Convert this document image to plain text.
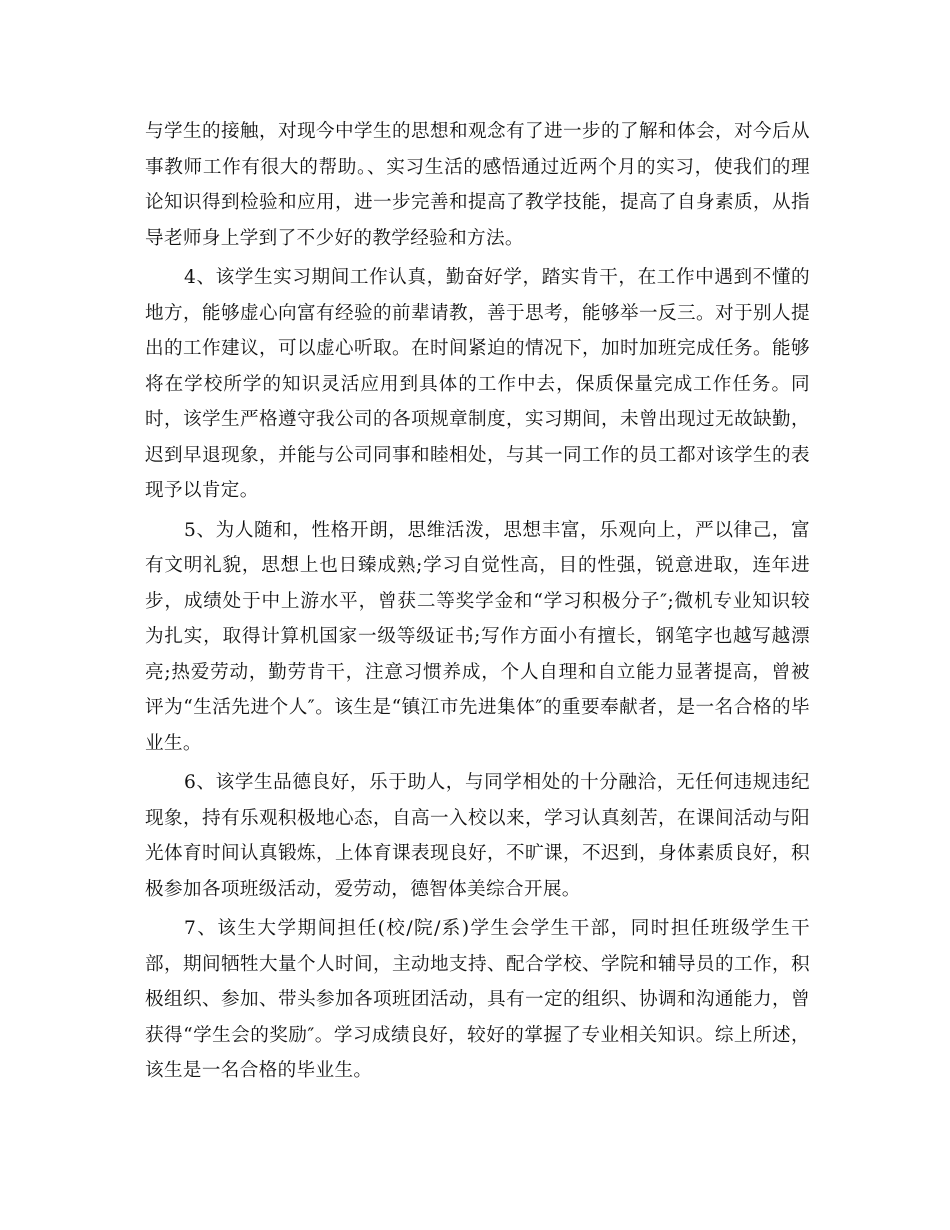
与学生的接触，对现今中学生的思想和观念有了进一步的了解和体会，对今后从事教师工作有很大的帮助。、实习生活的感悟通过近两个月的实习，使我们的理论知识得到检验和应用，进一步完善和提高了教学技能，提高了自身素质，从指导老师身上学到了不少好的教学经验和方法。

4、该学生实习期间工作认真，勤奋好学，踏实肯干，在工作中遇到不懂的地方，能够虚心向富有经验的前辈请教，善于思考，能够举一反三。对于别人提出的工作建议，可以虚心听取。在时间紧迫的情况下，加时加班完成任务。能够将在学校所学的知识灵活应用到具体的工作中去，保质保量完成工作任务。同时，该学生严格遵守我公司的各项规章制度，实习期间，未曾出现过无故缺勤，迟到早退现象，并能与公司同事和睦相处，与其一同工作的员工都对该学生的表现予以肯定。

5、为人随和，性格开朗，思维活泼，思想丰富，乐观向上，严以律己，富有文明礼貌，思想上也日臻成熟;学习自觉性高，目的性强，锐意进取，连年进步，成绩处于中上游水平，曾获二等奖学金和“学习积极分子″;微机专业知识较为扎实，取得计算机国家一级等级证书;写作方面小有擅长，钢笔字也越写越漂亮;热爱劳动，勤劳肯干，注意习惯养成，个人自理和自立能力显著提高，曾被评为“生活先进个人″。该生是“镇江市先进集体″的重要奉献者，是一名合格的毕业生。

6、该学生品德良好，乐于助人，与同学相处的十分融洽，无任何违规违纪现象，持有乐观积极地心态，自高一入校以来，学习认真刻苦，在课间活动与阳光体育时间认真锻炼，上体育课表现良好，不旷课，不迟到，身体素质良好，积极参加各项班级活动，爱劳动，德智体美综合开展。

7、该生大学期间担任(校/院/系)学生会学生干部，同时担任班级学生干部，期间牺牲大量个人时间，主动地支持、配合学校、学院和辅导员的工作，积极组织、参加、带头参加各项班团活动，具有一定的组织、协调和沟通能力，曾获得“学生会的奖励″。学习成绩良好，较好的掌握了专业相关知识。综上所述，该生是一名合格的毕业生。
